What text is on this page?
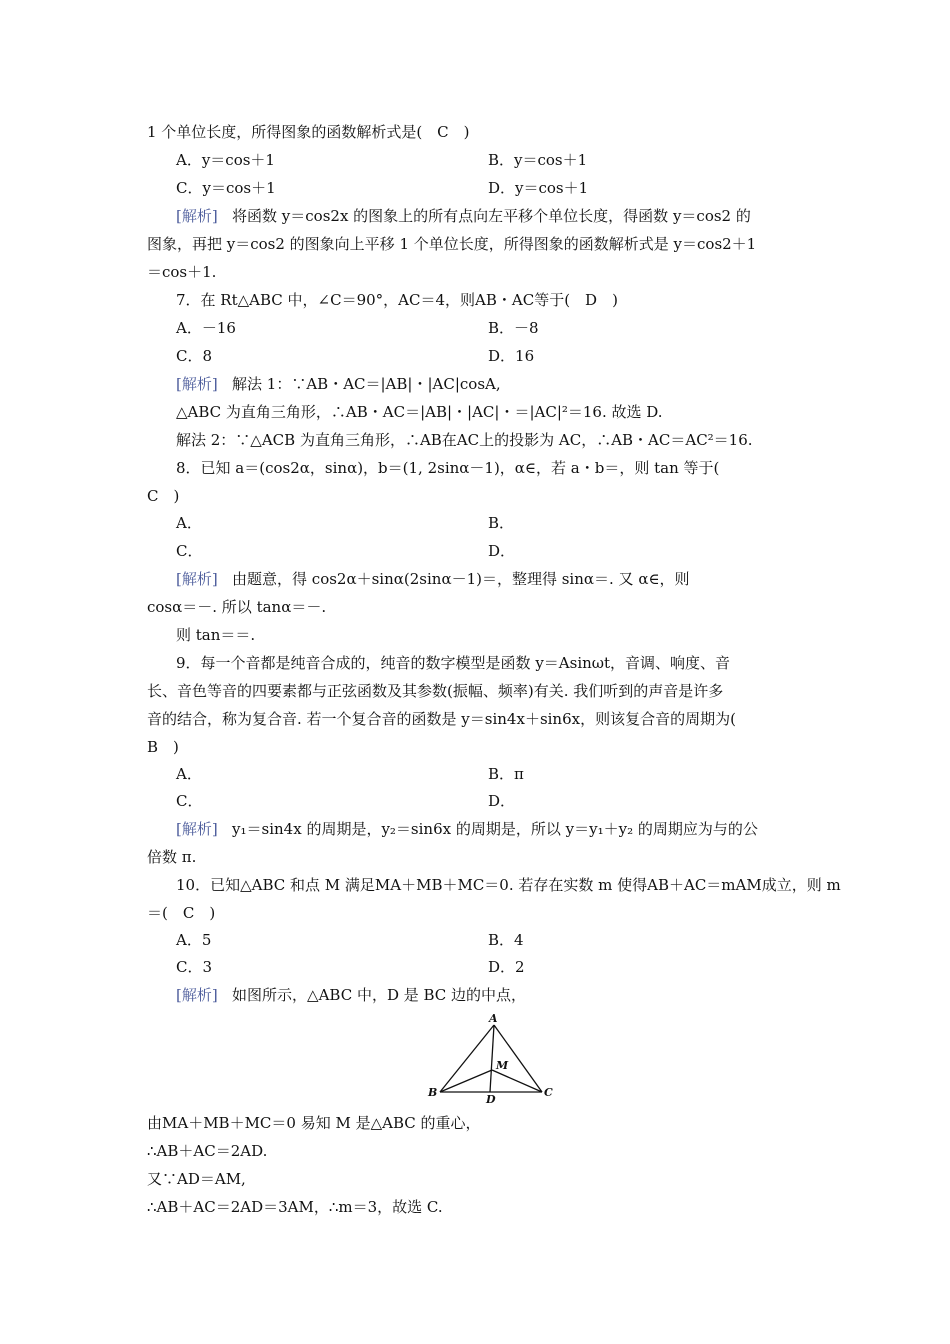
1 个单位长度，所得图象的函数解析式是(　C　)
A．y＝cos＋1	B．y＝cos＋1
C．y＝cos＋1	D．y＝cos＋1
[解析] 将函数 y＝cos2x 的图象上的所有点向左平移个单位长度，得函数 y＝cos2 的
图象，再把 y＝cos2 的图象向上平移 1 个单位长度，所得图象的函数解析式是 y＝cos2＋1
＝cos＋1.
7．在 Rt△ABC 中，∠C＝90°，AC＝4，则AB・AC等于(　D　)
A．－16	B．－8
C．8	D．16
[解析] 解法 1：∵AB・AC＝|AB|・|AC|cosA,
△ABC 为直角三角形，∴AB・AC＝|AB|・|AC|・＝|AC|²＝16. 故选 D.
解法 2：∵△ACB 为直角三角形，∴AB在AC上的投影为 AC，∴AB・AC＝AC²＝16.
8．已知 a＝(cos2α，sinα)，b＝(1, 2sinα－1)，α∈，若 a・b＝，则 tan 等于(
C　)
A．	B．
C．	D．
[解析] 由题意，得 cos2α＋sinα(2sinα－1)＝，整理得 sinα＝. 又 α∈，则
cosα＝－. 所以 tanα＝－.
则 tan＝＝.
9．每一个音都是纯音合成的，纯音的数字模型是函数 y＝Asinωt，音调、响度、音
长、音色等音的四要素都与正弦函数及其参数(振幅、频率)有关. 我们听到的声音是许多
音的结合，称为复合音. 若一个复合音的函数是 y＝sin4x＋sin6x，则该复合音的周期为(
B　)
A．	B．π
C．	D．
[解析] y₁＝sin4x 的周期是，y₂＝sin6x 的周期是，所以 y＝y₁＋y₂ 的周期应为与的公
倍数 π.
10．已知△ABC 和点 M 满足MA＋MB＋MC＝0. 若存在实数 m 使得AB＋AC＝mAM成立，则 m
＝(　C　)
A．5	B．4
C．3	D．2
[解析] 如图所示，△ABC 中，D 是 BC 边的中点，
A
B	C
D
M
由MA＋MB＋MC＝0 易知 M 是△ABC 的重心，
∴AB＋AC＝2AD.
又∵AD＝AM,
∴AB＋AC＝2AD＝3AM，∴m＝3，故选 C.
